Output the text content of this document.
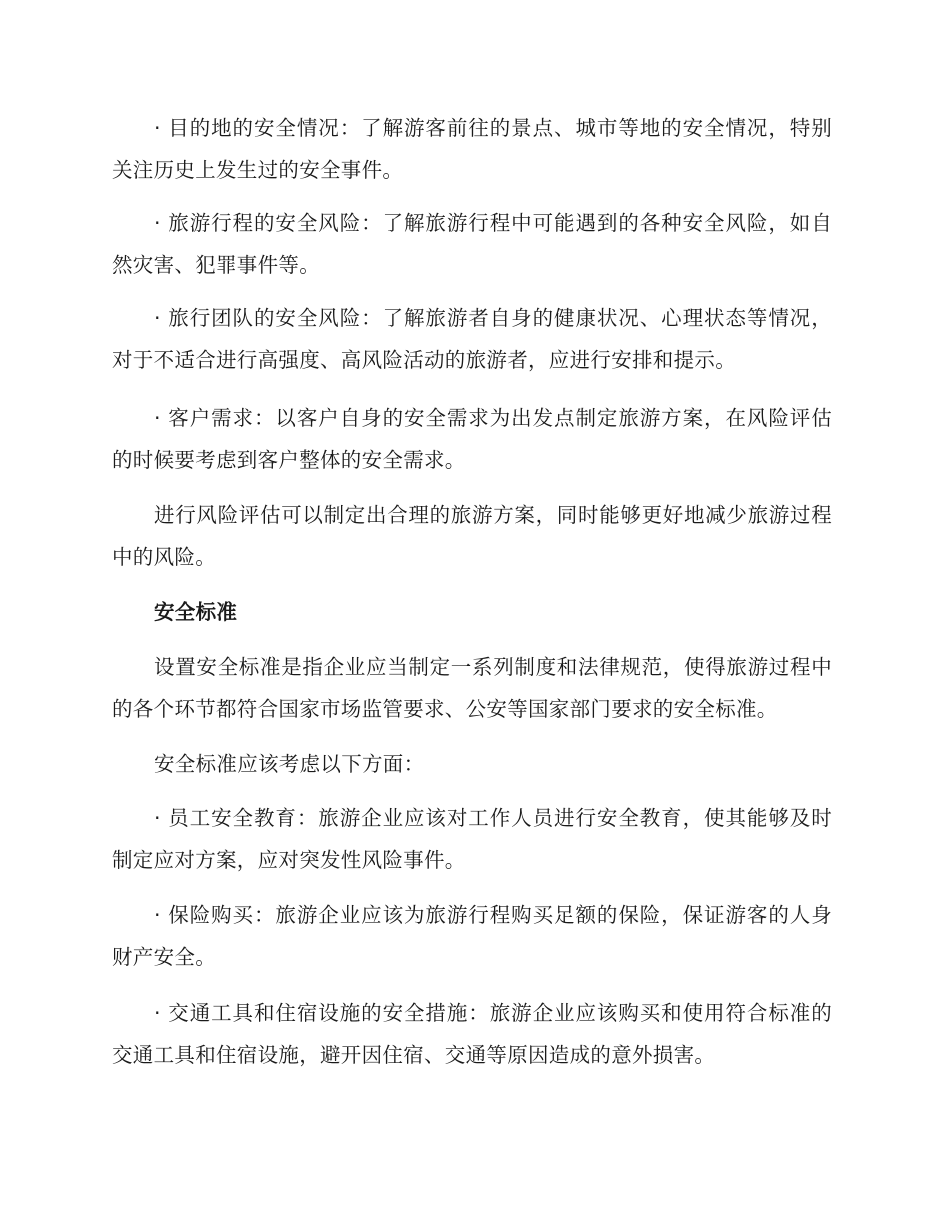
· 目的地的安全情况：了解游客前往的景点、城市等地的安全情况，特别关注历史上发生过的安全事件。

· 旅游行程的安全风险：了解旅游行程中可能遇到的各种安全风险，如自然灾害、犯罪事件等。

· 旅行团队的安全风险：了解旅游者自身的健康状况、心理状态等情况，对于不适合进行高强度、高风险活动的旅游者，应进行安排和提示。

· 客户需求：以客户自身的安全需求为出发点制定旅游方案，在风险评估的时候要考虑到客户整体的安全需求。

进行风险评估可以制定出合理的旅游方案，同时能够更好地减少旅游过程中的风险。

安全标准

设置安全标准是指企业应当制定一系列制度和法律规范，使得旅游过程中的各个环节都符合国家市场监管要求、公安等国家部门要求的安全标准。

安全标准应该考虑以下方面：

· 员工安全教育：旅游企业应该对工作人员进行安全教育，使其能够及时制定应对方案，应对突发性风险事件。

· 保险购买：旅游企业应该为旅游行程购买足额的保险，保证游客的人身财产安全。

· 交通工具和住宿设施的安全措施：旅游企业应该购买和使用符合标准的交通工具和住宿设施，避开因住宿、交通等原因造成的意外损害。
